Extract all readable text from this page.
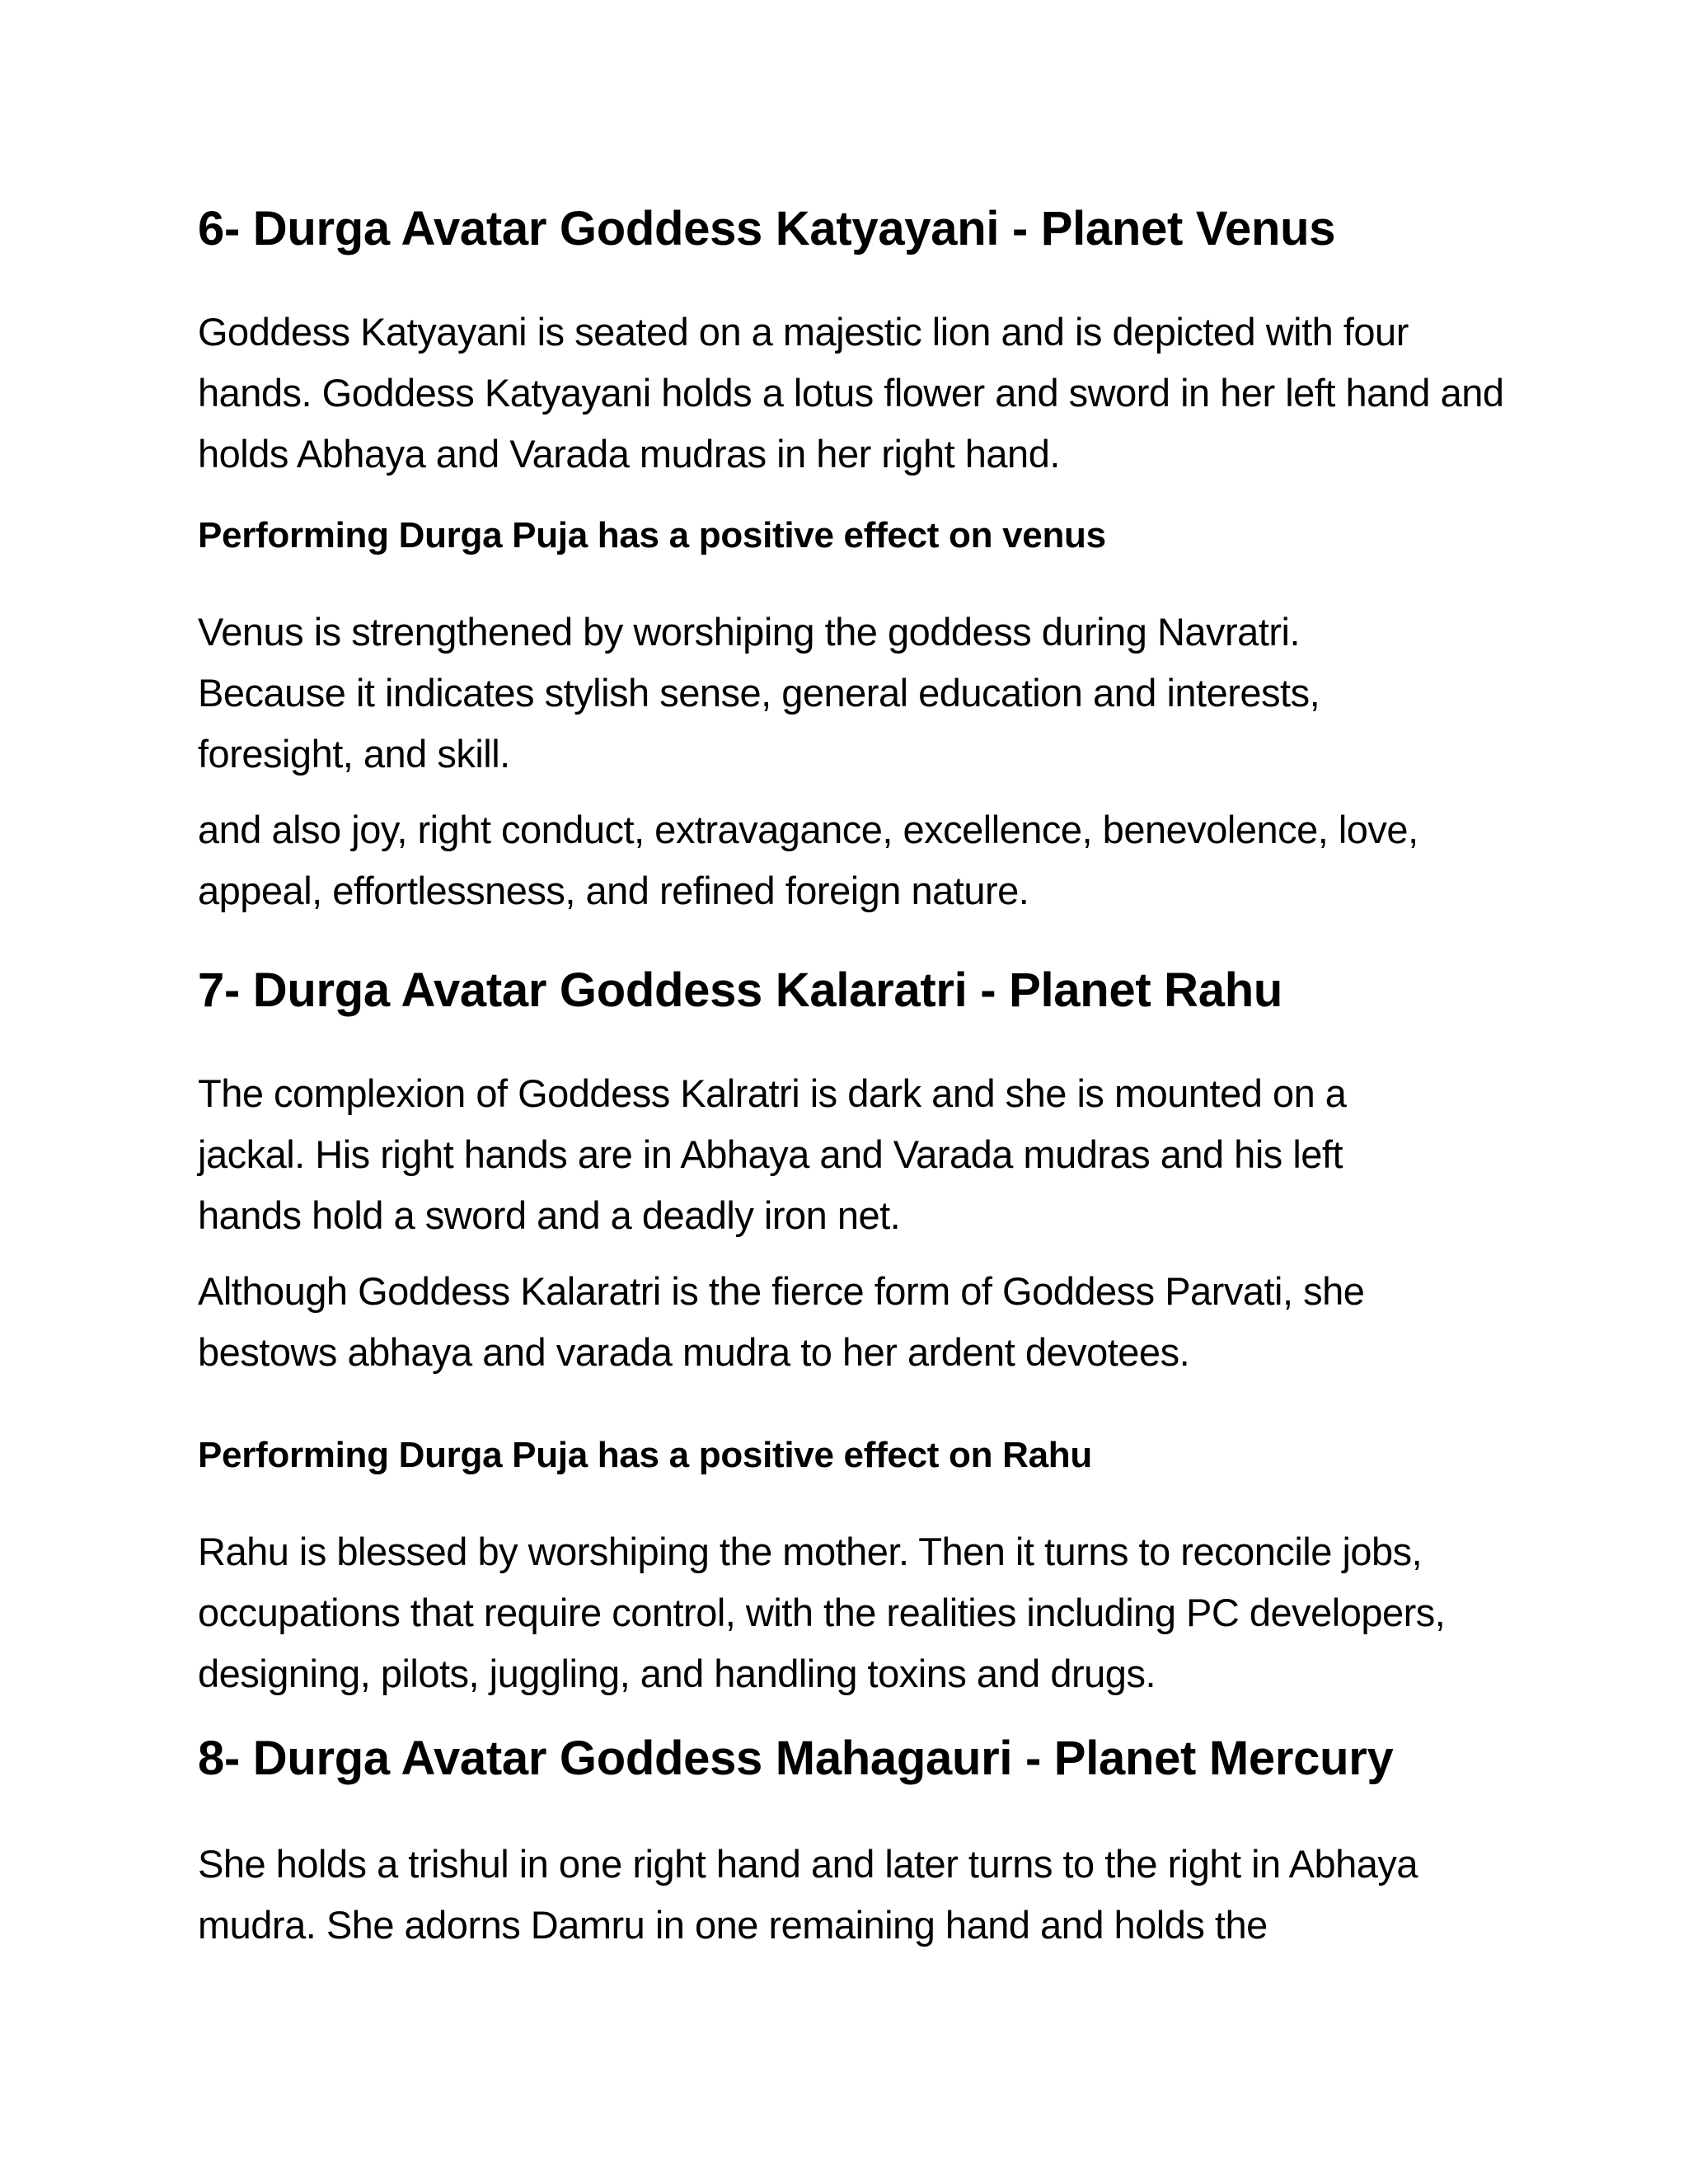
6- Durga Avatar Goddess Katyayani - Planet Venus

Goddess Katyayani is seated on a majestic lion and is depicted with four hands. Goddess Katyayani holds a lotus flower and sword in her left hand and holds Abhaya and Varada mudras in her right hand.

Performing Durga Puja has a positive effect on venus

Venus is strengthened by worshiping the goddess during Navratri. Because it indicates stylish sense, general education and interests, foresight, and skill.

and also joy, right conduct, extravagance, excellence, benevolence, love, appeal, effortlessness, and refined foreign nature.

7- Durga Avatar Goddess Kalaratri - Planet Rahu

The complexion of Goddess Kalratri is dark and she is mounted on a jackal. His right hands are in Abhaya and Varada mudras and his left hands hold a sword and a deadly iron net.

Although Goddess Kalaratri is the fierce form of Goddess Parvati, she bestows abhaya and varada mudra to her ardent devotees.

Performing Durga Puja has a positive effect on Rahu

Rahu is blessed by worshiping the mother. Then it turns to reconcile jobs, occupations that require control, with the realities including PC developers, designing, pilots, juggling, and handling toxins and drugs.

8- Durga Avatar Goddess Mahagauri - Planet Mercury

She holds a trishul in one right hand and later turns to the right in Abhaya mudra. She adorns Damru in one remaining hand and holds the
